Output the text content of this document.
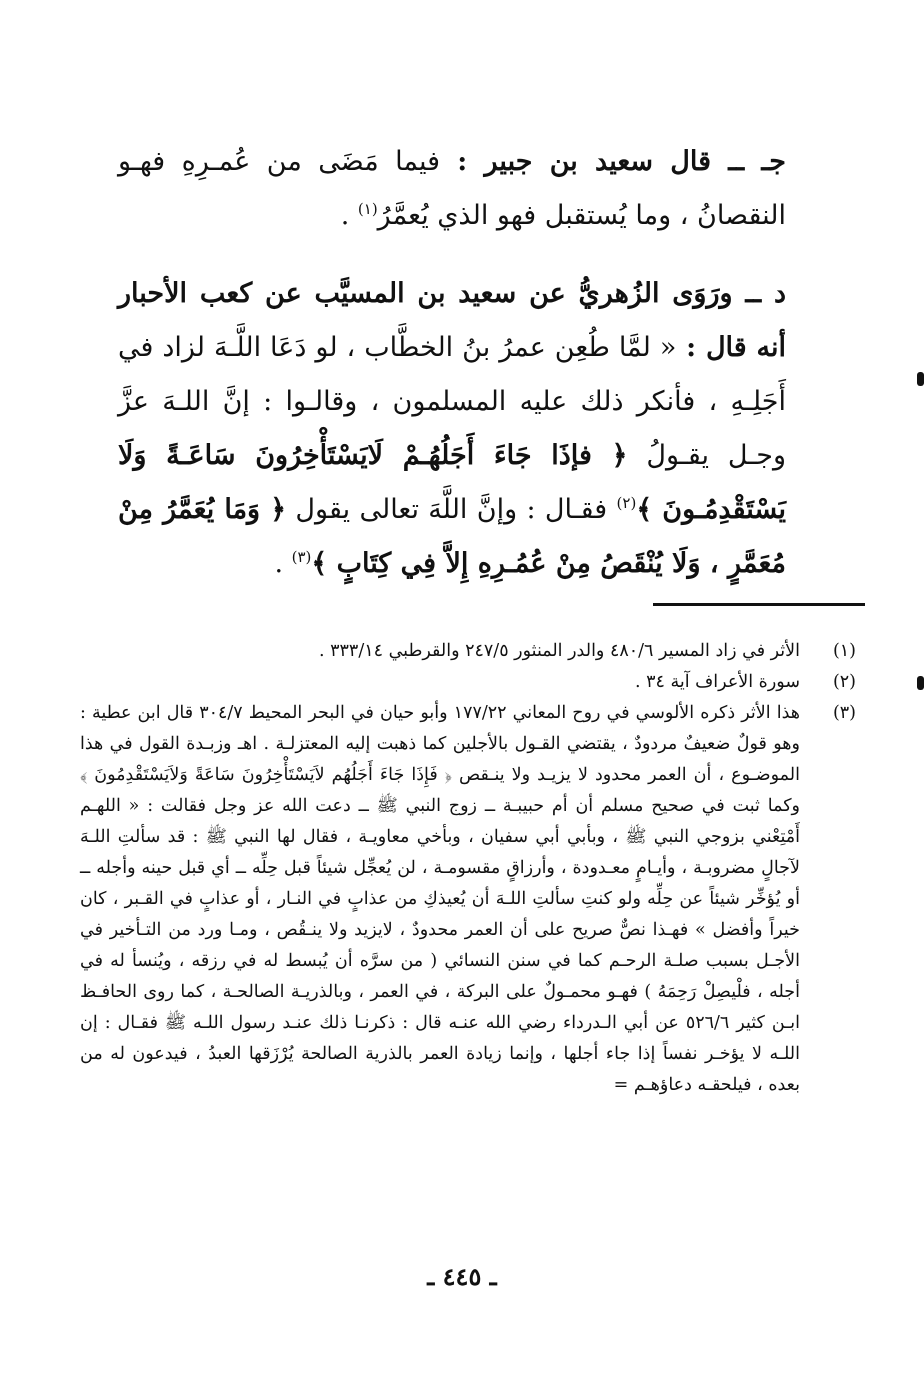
جـ ــ قال سعيد بن جبير : فيما مَضَى من عُمـرِهِ فهـو النقصانُ ، وما يُستقبل فهو الذي يُعمَّرُ$^{(١)}$ .

د ــ ورَوَى الزُهريُّ عن سعيد بن المسيَّب عن كعب الأحبار أنه قال : « لمَّا طُعِن عمرُ بنُ الخطَّاب ، لو دَعَا اللَّـهَ لزاد في أَجَلِـهِ ، فأنكر ذلك عليه المسلمون ، وقالـوا : إنَّ اللـهَ عزَّ وجـل يقـولُ ﴿ فإذَا جَاءَ أَجَلُهُـمْ لَايَسْتَأْخِرُونَ سَاعَـةً وَلَا يَسْتَقْدِمُـونَ ﴾$^{(٢)}$ فقـال : وإنَّ اللَّهَ تعالى يقول ﴿ وَمَا يُعَمَّرُ مِنْ مُعَمَّرٍ ، وَلَا يُنْقَصُ مِنْ عُمُـرِهِ إِلاَّ فِي كِتَابٍ ﴾$^{(٣)}$ .

(١)
الأثر في زاد المسير ٤٨٠/٦ والدر المنثور ٢٤٧/٥ والقرطبي ٣٣٣/١٤ .
(٢)
سورة الأعراف آية ٣٤ .
(٣)
هذا الأثر ذكره الألوسي في روح المعاني ١٧٧/٢٢ وأبو حيان في البحر المحيط ٣٠٤/٧ قال ابن عطية : وهو قولٌ ضعيفٌ مردودٌ ، يقتضي القـول بالأجلين كما ذهبت إليه المعتزلـة . اهـ وزبـدة القول في هذا الموضـوع ، أن العمر محدود لا يزيـد ولا ينـقص ﴿ فَإِذَا جَاءَ أَجَلُهُم لاَيَسْتَأْخِرُونَ سَاعَةً وَلاَيَسْتَقْدِمُونَ ﴾ وكما ثبت في صحيح مسلم أن أم حبيبـة ــ زوج النبي ﷺ ــ دعت الله عز وجل فقالت : « اللهـم أَمْتِعْني بزوجي النبي ﷺ ، وبأبي أبي سفيان ، وبأخي معاويـة ، فقال لها النبي ﷺ : قد سألتِ اللـهَ لآجالٍ مضروبـة ، وأيـامٍ معـدودة ، وأرزاقٍ مقسومـة ، لن يُعجِّل شيئاً قبل حِلِّه ــ أي قبل حينه وأجله ــ أو يُؤخِّر شيئاً عن حِلِّه ولو كنتِ سألتِ اللـهَ أن يُعيذكِ من عذابٍ في النـار ، أو عذابٍ في القـبر ، كان خيراً وأفضل » فهـذا نصٌّ صريح على أن العمر محدودٌ ، لايزيد ولا ينـقُص ، ومـا ورد من التـأخير في الأجـل بسبب صلـة الرحـم كما في سنن النسائي ( من سرَّه أن يُبسط له في رزقه ، ويُنسأ له في أجله ، فلْيصِلْ رَحِمَهُ ) فهـو محمـولٌ على البركة ، في العمر ، وبالذريـة الصالحـة ، كما روى الحافـظ ابـن كثير ٥٢٦/٦ عن أبي الـدرداء رضي الله عنـه قال : ذكرنـا ذلك عنـد رسول اللـه ﷺ فقـال : إن اللـه لا يؤخـر نفساً إذا جاء أجلها ، وإنما زيادة العمر بالذرية الصالحة يُرْزَقها العبدُ ، فيدعون له من بعده ، فيلحقـه دعاؤهـم =
ـ ٤٤٥ ـ
